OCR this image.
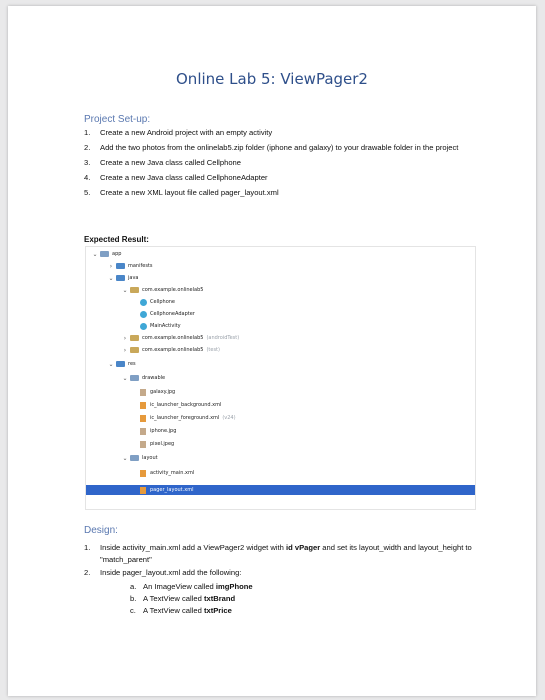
Online Lab 5: ViewPager2
Project Set-up:
1.	Create a new Android project with an empty activity
2.	Add the two photos from the onlinelab5.zip folder (iphone and galaxy) to your drawable folder in the project
3.	Create a new Java class called Cellphone
4.	Create a new Java class called CellphoneAdapter
5.	Create a new XML layout file called pager_layout.xml
Expected Result:
⌄	app
›	manifests
⌄	java
⌄	com.example.onlinelab5
Cellphone
CellphoneAdapter
MainActivity
›	com.example.onlinelab5 (androidTest)
›	com.example.onlinelab5 (test)
⌄	res
⌄	drawable
galaxy.jpg
ic_launcher_background.xml
ic_launcher_foreground.xml (v24)
iphone.jpg
pixel.jpeg
⌄	layout
activity_main.xml
pager_layout.xml
Design:
1.	Inside activity_main.xml add a ViewPager2 widget with id vPager and set its layout_width and layout_height to "match_parent"
2.	Inside pager_layout.xml add the following:
a. An ImageView called imgPhone
b. A TextView called txtBrand
c. A TextView called txtPrice
